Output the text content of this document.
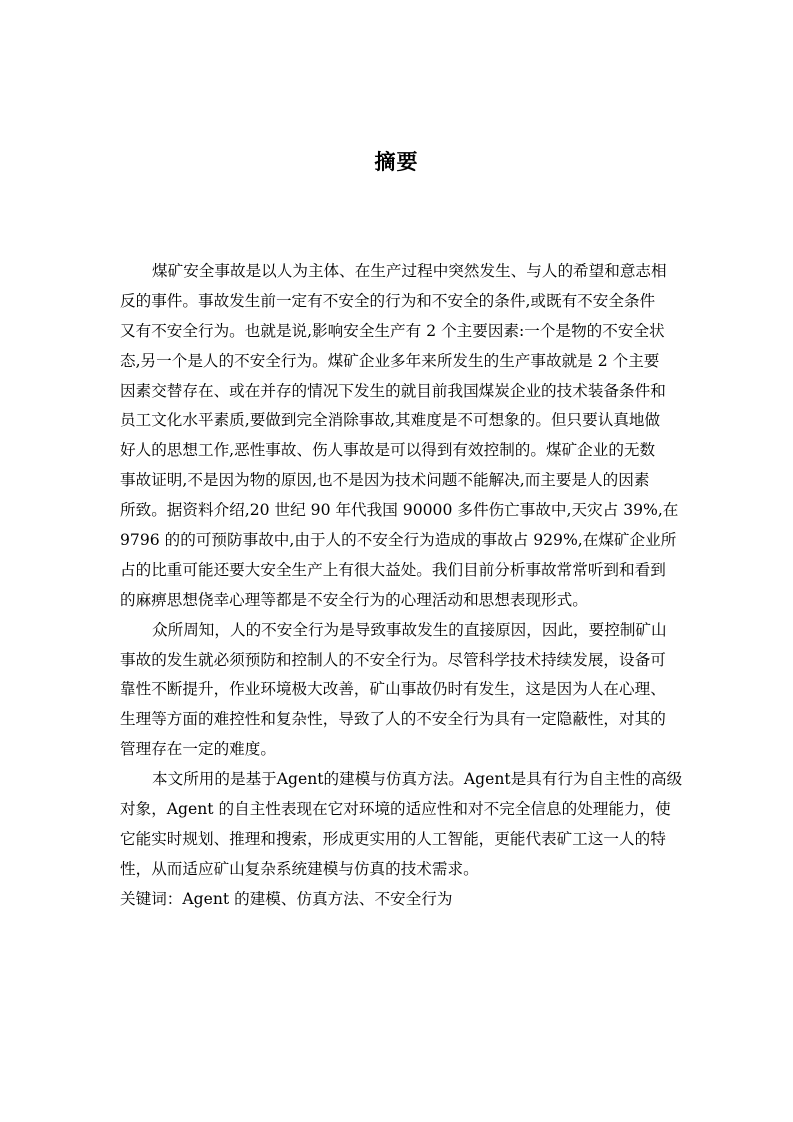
摘要
煤矿安全事故是以人为主体、在生产过程中突然发生、与人的希望和意志相
反的事件。事故发生前一定有不安全的行为和不安全的条件,或既有不安全条件
又有不安全行为。也就是说,影响安全生产有 2 个主要因素:一个是物的不安全状
态,另一个是人的不安全行为。煤矿企业多年来所发生的生产事故就是 2 个主要
因素交替存在、或在并存的情况下发生的就目前我国煤炭企业的技术装备条件和
员工文化水平素质,要做到完全消除事故,其难度是不可想象的。但只要认真地做
好人的思想工作,恶性事故、伤人事故是可以得到有效控制的。煤矿企业的无数
事故证明,不是因为物的原因,也不是因为技术问题不能解决,而主要是人的因素
所致。据资料介绍,20 世纪 90 年代我国 90000 多件伤亡事故中,天灾占 39%,在
9796 的的可预防事故中,由于人的不安全行为造成的事故占 929%,在煤矿企业所
占的比重可能还要大安全生产上有很大益处。我们目前分析事故常常听到和看到
的麻痹思想侥幸心理等都是不安全行为的心理活动和思想表现形式。
众所周知，人的不安全行为是导致事故发生的直接原因，因此，要控制矿山
事故的发生就必须预防和控制人的不安全行为。尽管科学技术持续发展，设备可
靠性不断提升，作业环境极大改善，矿山事故仍时有发生，这是因为人在心理、
生理等方面的难控性和复杂性，导致了人的不安全行为具有一定隐蔽性，对其的
管理存在一定的难度。
本文所用的是基于Agent的建模与仿真方法。Agent是具有行为自主性的高级
对象，Agent 的自主性表现在它对环境的适应性和对不完全信息的处理能力，使
它能实时规划、推理和搜索，形成更实用的人工智能，更能代表矿工这一人的特
性，从而适应矿山复杂系统建模与仿真的技术需求。
关键词：Agent 的建模、仿真方法、不安全行为
